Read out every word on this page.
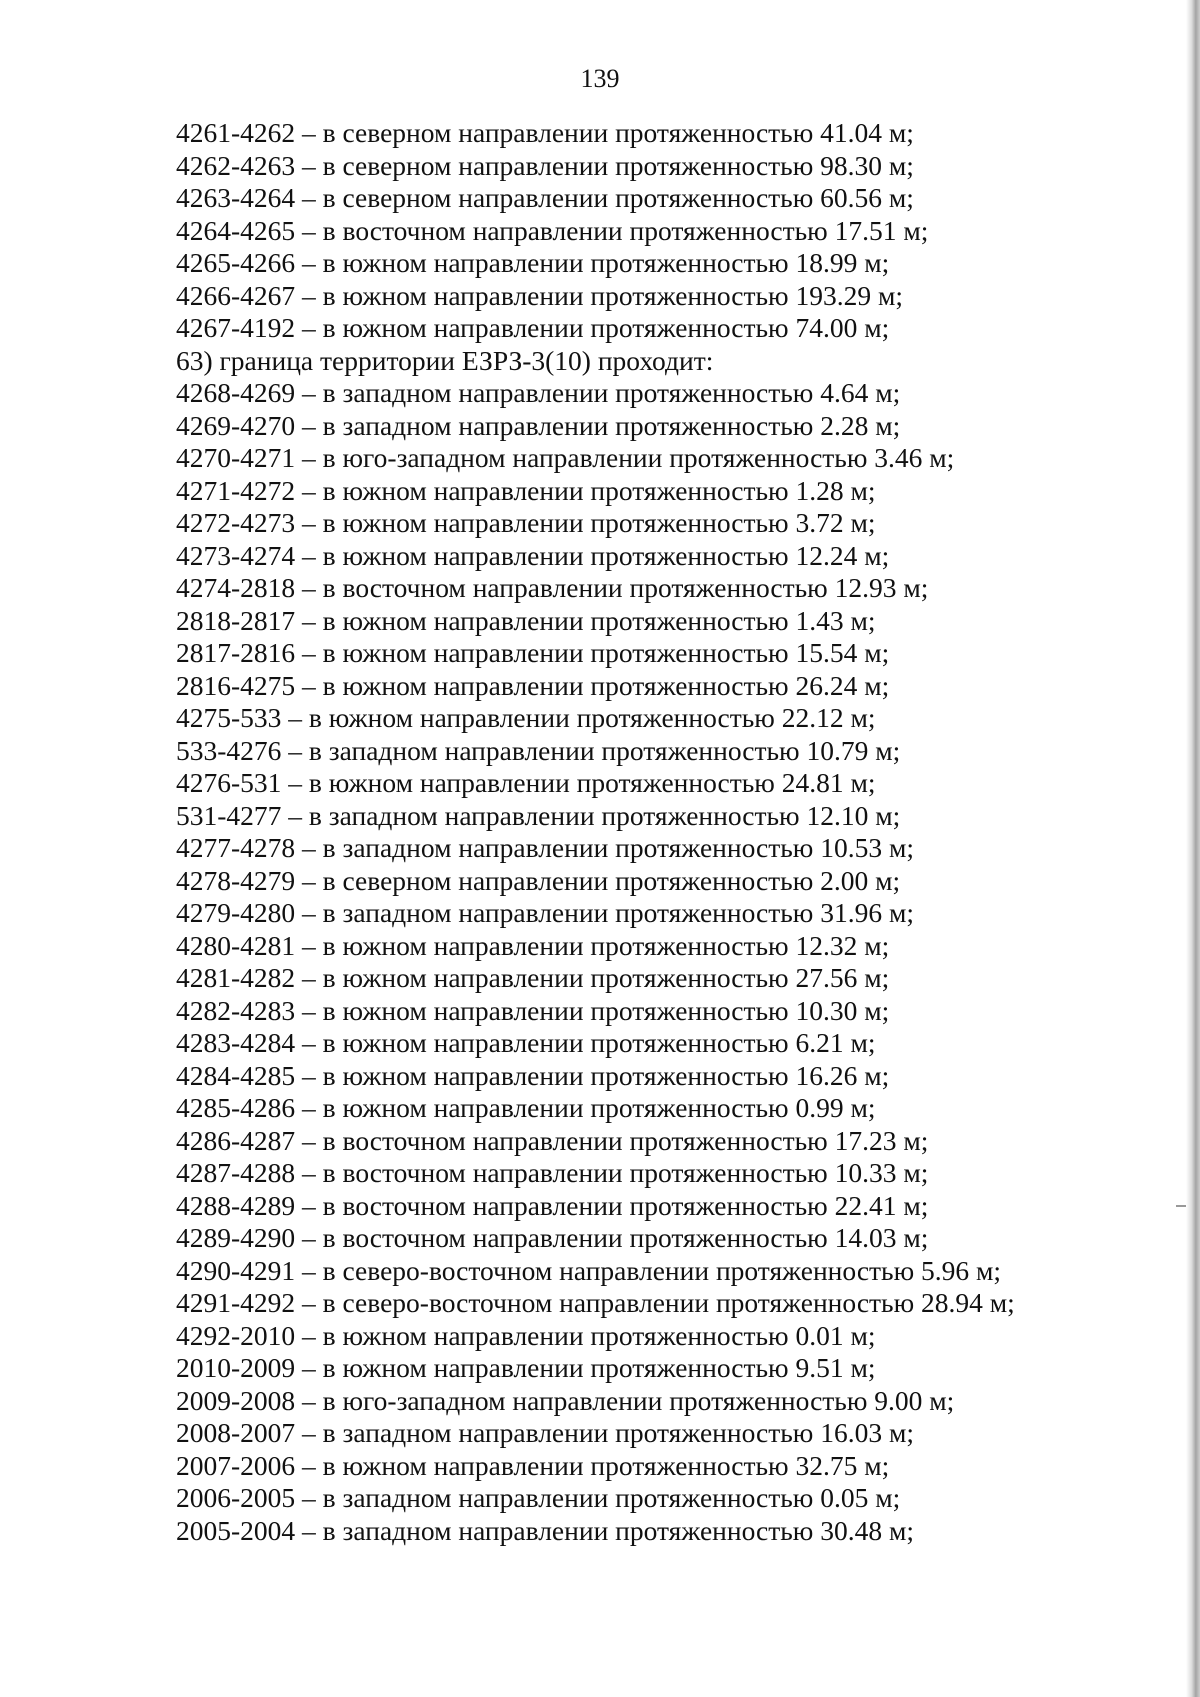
139
4261-4262 – в северном направлении протяженностью 41.04 м;
4262-4263 – в северном направлении протяженностью 98.30 м;
4263-4264 – в северном направлении протяженностью 60.56 м;
4264-4265 – в восточном направлении протяженностью 17.51 м;
4265-4266 – в южном направлении протяженностью 18.99 м;
4266-4267 – в южном направлении протяженностью 193.29 м;
4267-4192 – в южном направлении протяженностью 74.00 м;
63) граница территории ЕЗРЗ-3(10) проходит:
4268-4269 – в западном направлении протяженностью 4.64 м;
4269-4270 – в западном направлении протяженностью 2.28 м;
4270-4271 – в юго-западном направлении протяженностью 3.46 м;
4271-4272 – в южном направлении протяженностью 1.28 м;
4272-4273 – в южном направлении протяженностью 3.72 м;
4273-4274 – в южном направлении протяженностью 12.24 м;
4274-2818 – в восточном направлении протяженностью 12.93 м;
2818-2817 – в южном направлении протяженностью 1.43 м;
2817-2816 – в южном направлении протяженностью 15.54 м;
2816-4275 – в южном направлении протяженностью 26.24 м;
4275-533 – в южном направлении протяженностью 22.12 м;
533-4276 – в западном направлении протяженностью 10.79 м;
4276-531 – в южном направлении протяженностью 24.81 м;
531-4277 – в западном направлении протяженностью 12.10 м;
4277-4278 – в западном направлении протяженностью 10.53 м;
4278-4279 – в северном направлении протяженностью 2.00 м;
4279-4280 – в западном направлении протяженностью 31.96 м;
4280-4281 – в южном направлении протяженностью 12.32 м;
4281-4282 – в южном направлении протяженностью 27.56 м;
4282-4283 – в южном направлении протяженностью 10.30 м;
4283-4284 – в южном направлении протяженностью 6.21 м;
4284-4285 – в южном направлении протяженностью 16.26 м;
4285-4286 – в южном направлении протяженностью 0.99 м;
4286-4287 – в восточном направлении протяженностью 17.23 м;
4287-4288 – в восточном направлении протяженностью 10.33 м;
4288-4289 – в восточном направлении протяженностью 22.41 м;
4289-4290 – в восточном направлении протяженностью 14.03 м;
4290-4291 – в северо-восточном направлении протяженностью 5.96 м;
4291-4292 – в северо-восточном направлении протяженностью 28.94 м;
4292-2010 – в южном направлении протяженностью 0.01 м;
2010-2009 – в южном направлении протяженностью 9.51 м;
2009-2008 – в юго-западном направлении протяженностью 9.00 м;
2008-2007 – в западном направлении протяженностью 16.03 м;
2007-2006 – в южном направлении протяженностью 32.75 м;
2006-2005 – в западном направлении протяженностью 0.05 м;
2005-2004 – в западном направлении протяженностью 30.48 м;
